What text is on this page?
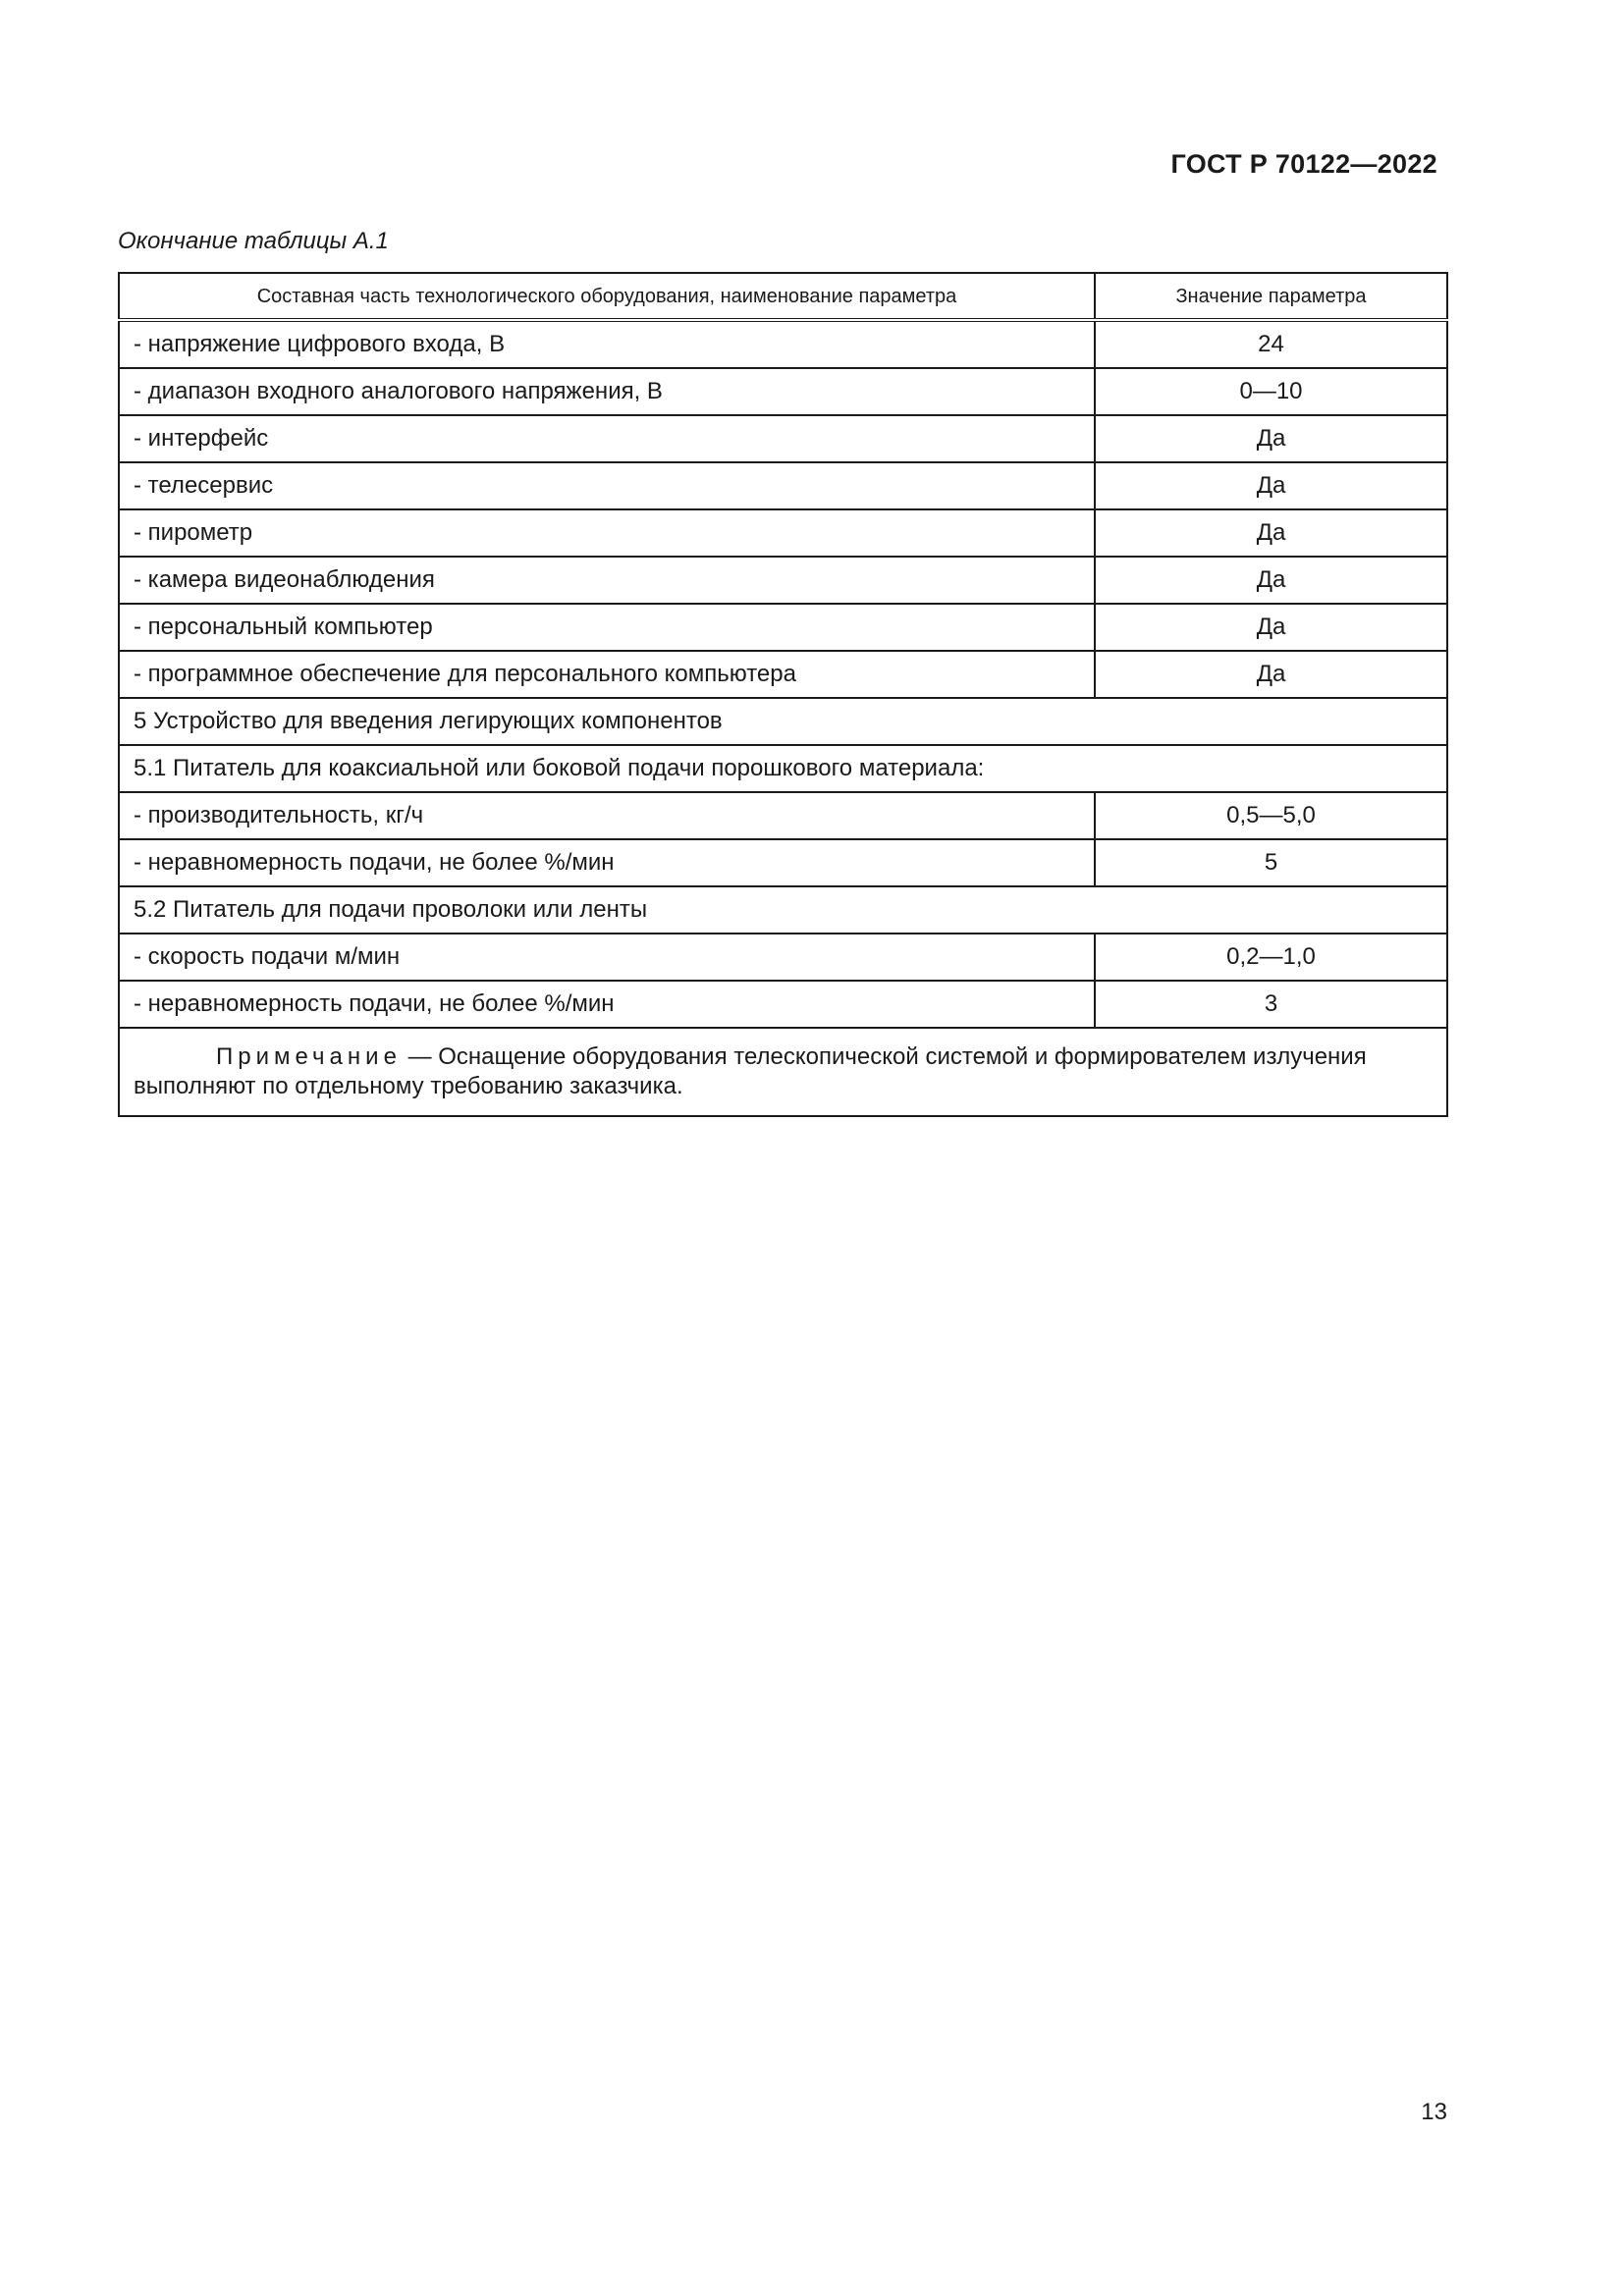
ГОСТ Р 70122—2022
Окончание таблицы А.1
Составная часть технологического оборудования, наименование параметра	Значение параметра
- напряжение цифрового входа, В	24
- диапазон входного аналогового напряжения, В	0—10
- интерфейс	Да
- телесервис	Да
- пирометр	Да
- камера видеонаблюдения	Да
- персональный компьютер	Да
- программное обеспечение для персонального компьютера	Да
5 Устройство для введения легирующих компонентов	
5.1 Питатель для коаксиальной или боковой подачи порошкового материала:	
- производительность, кг/ч	0,5—5,0
- неравномерность подачи, не более %/мин	5
5.2 Питатель для подачи проволоки или ленты	
- скорость подачи м/мин	0,2—1,0
- неравномерность подачи, не более %/мин	3

Примечание — Оснащение оборудования телескопической системой и формирователем излучения выполняют по отдельному требованию заказчика.	
13
